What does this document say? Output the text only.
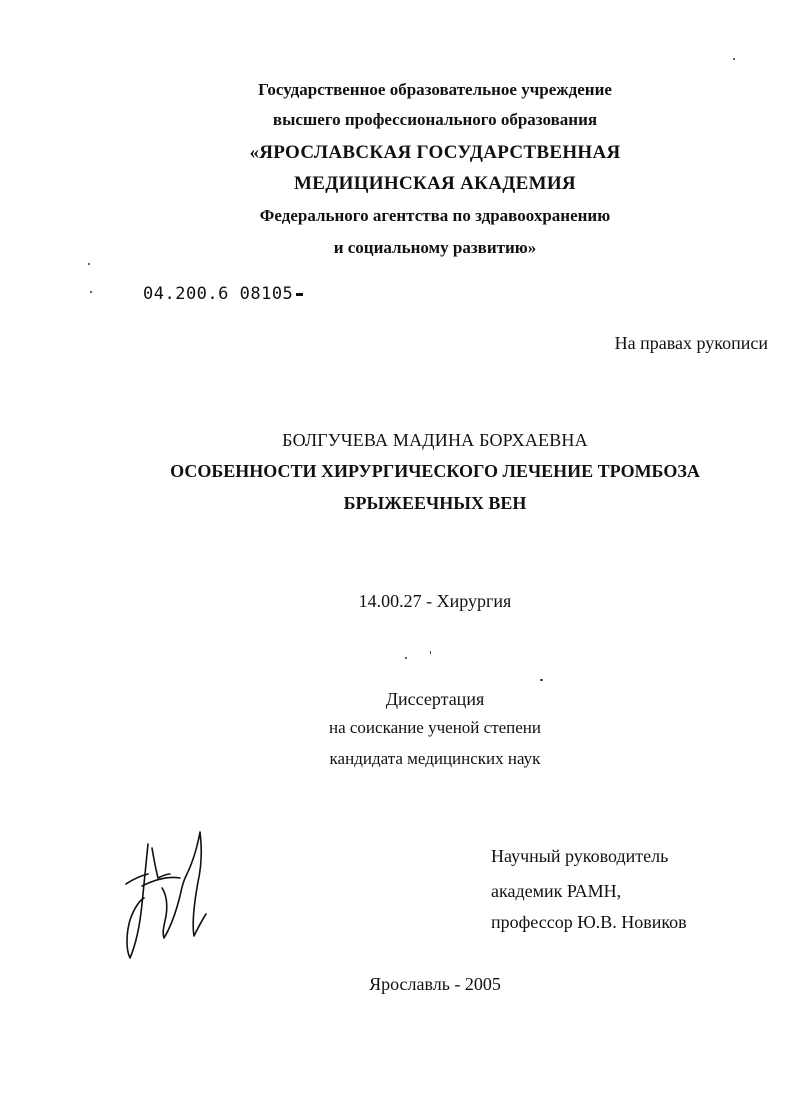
Государственное образовательное учреждение
высшего профессионального образования
«ЯРОСЛАВСКАЯ ГОСУДАРСТВЕННАЯ
МЕДИЦИНСКАЯ АКАДЕМИЯ
Федерального агентства по здравоохранению
и социальному развитию»
04.200.6 08105
На правах рукописи
БОЛГУЧЕВА МАДИНА БОРХАЕВНА
ОСОБЕННОСТИ ХИРУРГИЧЕСКОГО ЛЕЧЕНИЕ ТРОМБОЗА
БРЫЖЕЕЧНЫХ ВЕН
14.00.27 - Хирургия
Диссертация
на соискание ученой степени
кандидата медицинских наук
Научный руководитель
академик РАМН,
профессор Ю.В. Новиков
Ярославль - 2005
